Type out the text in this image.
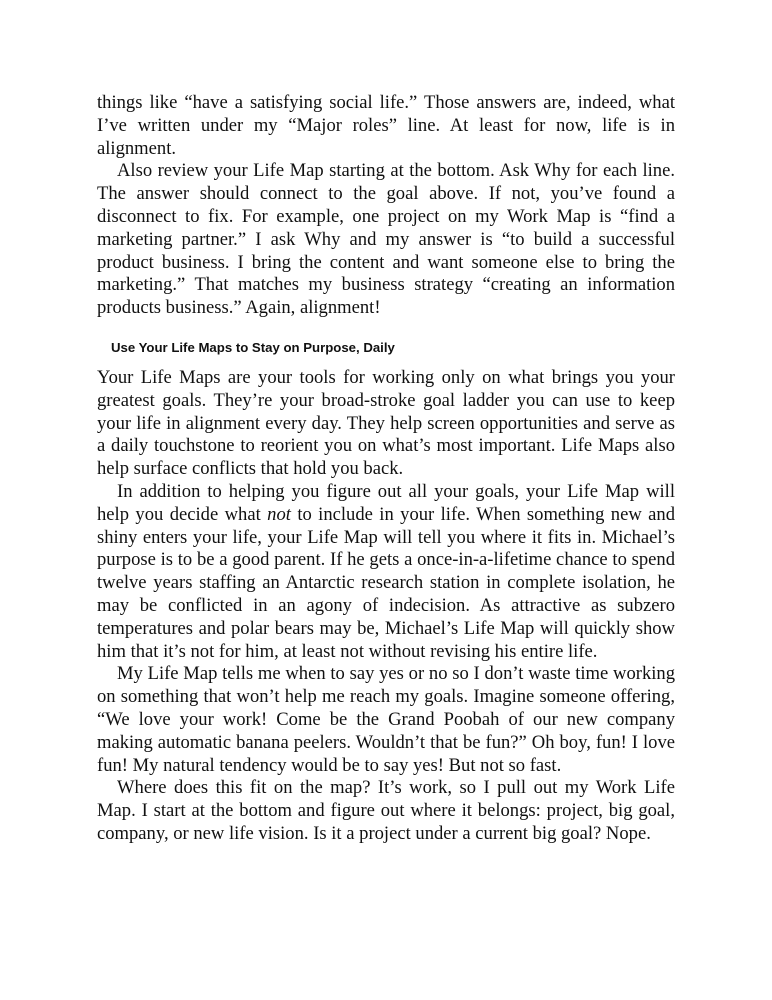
things like “have a satisfying social life.” Those answers are, indeed, what I’ve written under my “Major roles” line. At least for now, life is in alignment.

Also review your Life Map starting at the bottom. Ask Why for each line. The answer should connect to the goal above. If not, you’ve found a disconnect to fix. For example, one project on my Work Map is “find a marketing partner.” I ask Why and my answer is “to build a successful product business. I bring the content and want someone else to bring the marketing.” That matches my business strategy “creating an information products business.” Again, alignment!

Use Your Life Maps to Stay on Purpose, Daily

Your Life Maps are your tools for working only on what brings you your greatest goals. They’re your broad-stroke goal ladder you can use to keep your life in alignment every day. They help screen opportunities and serve as a daily touchstone to reorient you on what’s most important. Life Maps also help surface conflicts that hold you back.

In addition to helping you figure out all your goals, your Life Map will help you decide what not to include in your life. When something new and shiny enters your life, your Life Map will tell you where it fits in. Michael’s purpose is to be a good parent. If he gets a once-in-a-lifetime chance to spend twelve years staffing an Antarctic research station in complete isolation, he may be conflicted in an agony of indecision. As attractive as subzero temperatures and polar bears may be, Michael’s Life Map will quickly show him that it’s not for him, at least not without revising his entire life.

My Life Map tells me when to say yes or no so I don’t waste time working on something that won’t help me reach my goals. Imagine someone offering, “We love your work! Come be the Grand Poobah of our new company making automatic banana peelers. Wouldn’t that be fun?” Oh boy, fun! I love fun! My natural tendency would be to say yes! But not so fast.

Where does this fit on the map? It’s work, so I pull out my Work Life Map. I start at the bottom and figure out where it belongs: project, big goal, company, or new life vision. Is it a project under a current big goal? Nope.
